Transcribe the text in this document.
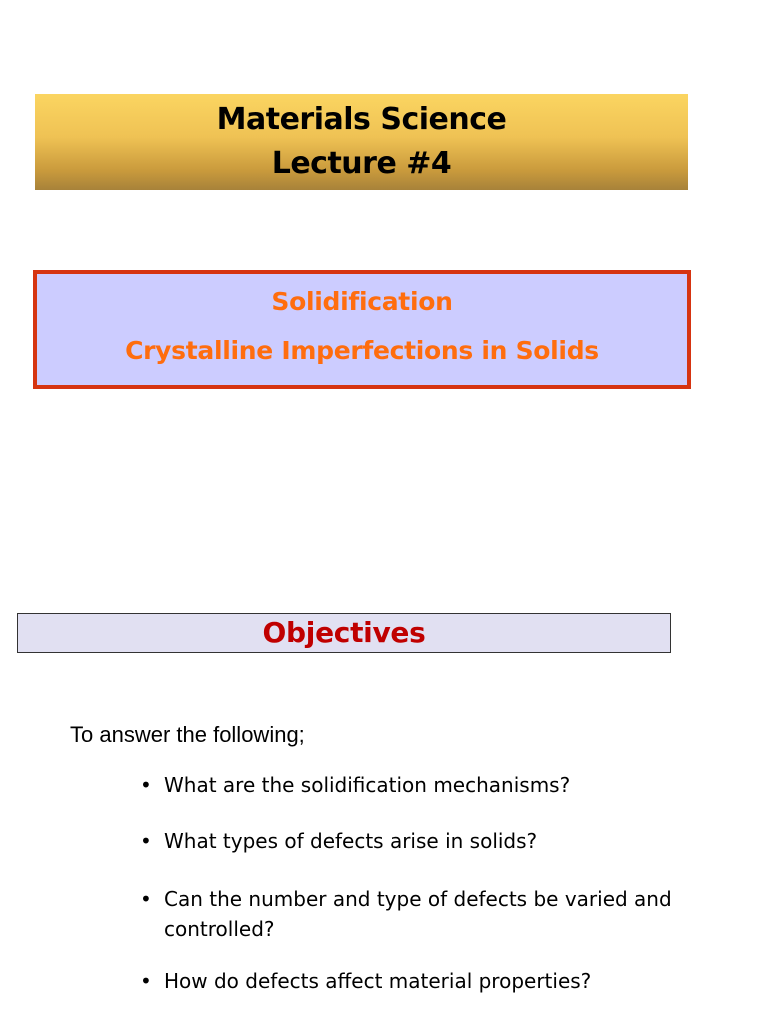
Materials Science
Lecture #4
Solidification
Crystalline Imperfections in Solids
Objectives
To answer the following;
• What are the solidification mechanisms?
• What types of defects arise in solids?
• Can the number and type of defects be varied and controlled?
• How do defects affect material properties?
